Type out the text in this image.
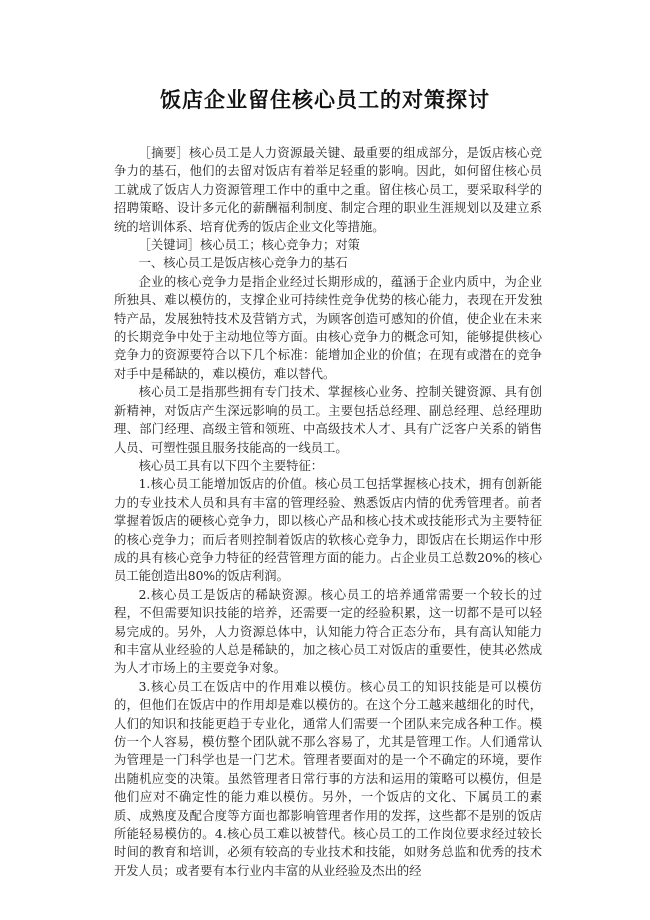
饭店企业留住核心员工的对策探讨

［摘要］核心员工是人力资源最关键、最重要的组成部分，是饭店核心竞争力的基石，他们的去留对饭店有着举足轻重的影响。因此，如何留住核心员工就成了饭店人力资源管理工作中的重中之重。留住核心员工，要采取科学的招聘策略、设计多元化的薪酬福利制度、制定合理的职业生涯规划以及建立系统的培训体系、培育优秀的饭店企业文化等措施。

［关键词］核心员工；核心竞争力；对策

一、核心员工是饭店核心竞争力的基石

企业的核心竞争力是指企业经过长期形成的，蕴涵于企业内质中，为企业所独具、难以模仿的，支撑企业可持续性竞争优势的核心能力，表现在开发独特产品，发展独特技术及营销方式，为顾客创造可感知的价值，使企业在未来的长期竞争中处于主动地位等方面。由核心竞争力的概念可知，能够提供核心竞争力的资源要符合以下几个标准：能增加企业的价值；在现有或潜在的竞争对手中是稀缺的，难以模仿，难以替代。

核心员工是指那些拥有专门技术、掌握核心业务、控制关键资源、具有创新精神，对饭店产生深远影响的员工。主要包括总经理、副总经理、总经理助理、部门经理、高级主管和领班、中高级技术人才、具有广泛客户关系的销售人员、可塑性强且服务技能高的一线员工。

核心员工具有以下四个主要特征：

1.核心员工能增加饭店的价值。核心员工包括掌握核心技术，拥有创新能力的专业技术人员和具有丰富的管理经验、熟悉饭店内情的优秀管理者。前者掌握着饭店的硬核心竞争力，即以核心产品和核心技术或技能形式为主要特征的核心竞争力；而后者则控制着饭店的软核心竞争力，即饭店在长期运作中形成的具有核心竞争力特征的经营管理方面的能力。占企业员工总数20%的核心员工能创造出80%的饭店利润。

2.核心员工是饭店的稀缺资源。核心员工的培养通常需要一个较长的过程，不但需要知识技能的培养，还需要一定的经验积累，这一切都不是可以轻易完成的。另外，人力资源总体中，认知能力符合正态分布，具有高认知能力和丰富从业经验的人总是稀缺的，加之核心员工对饭店的重要性，使其必然成为人才市场上的主要竞争对象。

3.核心员工在饭店中的作用难以模仿。核心员工的知识技能是可以模仿的，但他们在饭店中的作用却是难以模仿的。在这个分工越来越细化的时代，人们的知识和技能更趋于专业化，通常人们需要一个团队来完成各种工作。模仿一个人容易，模仿整个团队就不那么容易了，尤其是管理工作。人们通常认为管理是一门科学也是一门艺术。管理者要面对的是一个不确定的环境，要作出随机应变的决策。虽然管理者日常行事的方法和运用的策略可以模仿，但是他们应对不确定性的能力难以模仿。另外，一个饭店的文化、下属员工的素质、成熟度及配合度等方面也都影响管理者作用的发挥，这些都不是别的饭店所能轻易模仿的。4.核心员工难以被替代。核心员工的工作岗位要求经过较长时间的教育和培训，必须有较高的专业技术和技能，如财务总监和优秀的技术开发人员；或者要有本行业内丰富的从业经验及杰出的经
